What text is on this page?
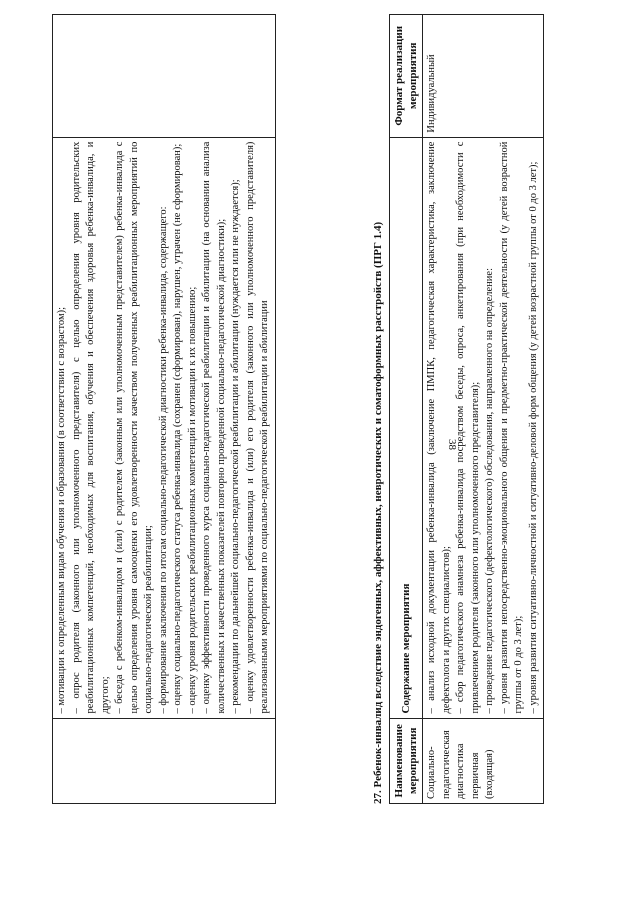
38

– мотивации к определенным видам обучения и образования (в соответствии с возрастом); – опрос родителя (законного или уполномоченного представителя) с целью определения уровня родительских реабилитационных компетенций, необходимых для воспитания, обучения и обеспечения здоровья ребенка-инвалида, и другого; – беседа с ребенком-инвалидом и (или) с родителем (законным или уполномоченным представителем) ребенка-инвалида с целью определения уровня самооценки его удовлетворенности качеством полученных реабилитационных мероприятий по социально-педагогической реабилитации; – формирование заключения по итогам социально-педагогической диагностики ребенка-инвалида, содержащего: – оценку социально-педагогического статуса ребенка-инвалида (сохранен (сформирован), нарушен, утрачен (не сформирован); – оценку уровня родительских реабилитационных компетенций и мотивации к их повышению; – оценку эффективности проведенного курса социально-педагогической реабилитации и абилитации (на основании анализа количественных и качественных показателей повторно проведенной социально-педагогической диагностики); – рекомендации по дальнейшей социально-педагогической реабилитации и абилитации (нуждается или не нуждается); – оценку удовлетворенности ребенка-инвалида и (или) его родителя (законного или уполномоченного представителя) реализованными мероприятиями по социально-педагогической реабилитации и абилитации

		27. Ребенок-инвалид вследствие эндогенных, аффективных, невротических и соматоформных расстройств (ПРГ 1.4) Наименование мероприятия	Содержание мероприятия	Формат реализации мероприятия
Социально-педагогическая диагностика первичная (входящая)	– анализ исходной документации ребенка-инвалида (заключение ПМПК, педагогическая характеристика, заключение дефектолога и других специалистов); – сбор педагогического анамнеза ребенка-инвалида посредством беседы, опроса, анкетирования (при необходимости с привлечением родителя (законного или уполномоченного представителя); – проведение педагогического (дефектологического) обследования, направленного на определение: – уровня развития непосредственно-эмоционального общения и предметно-практической деятельности (у детей возрастной группы от 0 до 3 лет); – уровня развития ситуативно-личностной и ситуативно-деловой форм общения (у детей возрастной группы от 0 до 3 лет);	Индивидуальный
